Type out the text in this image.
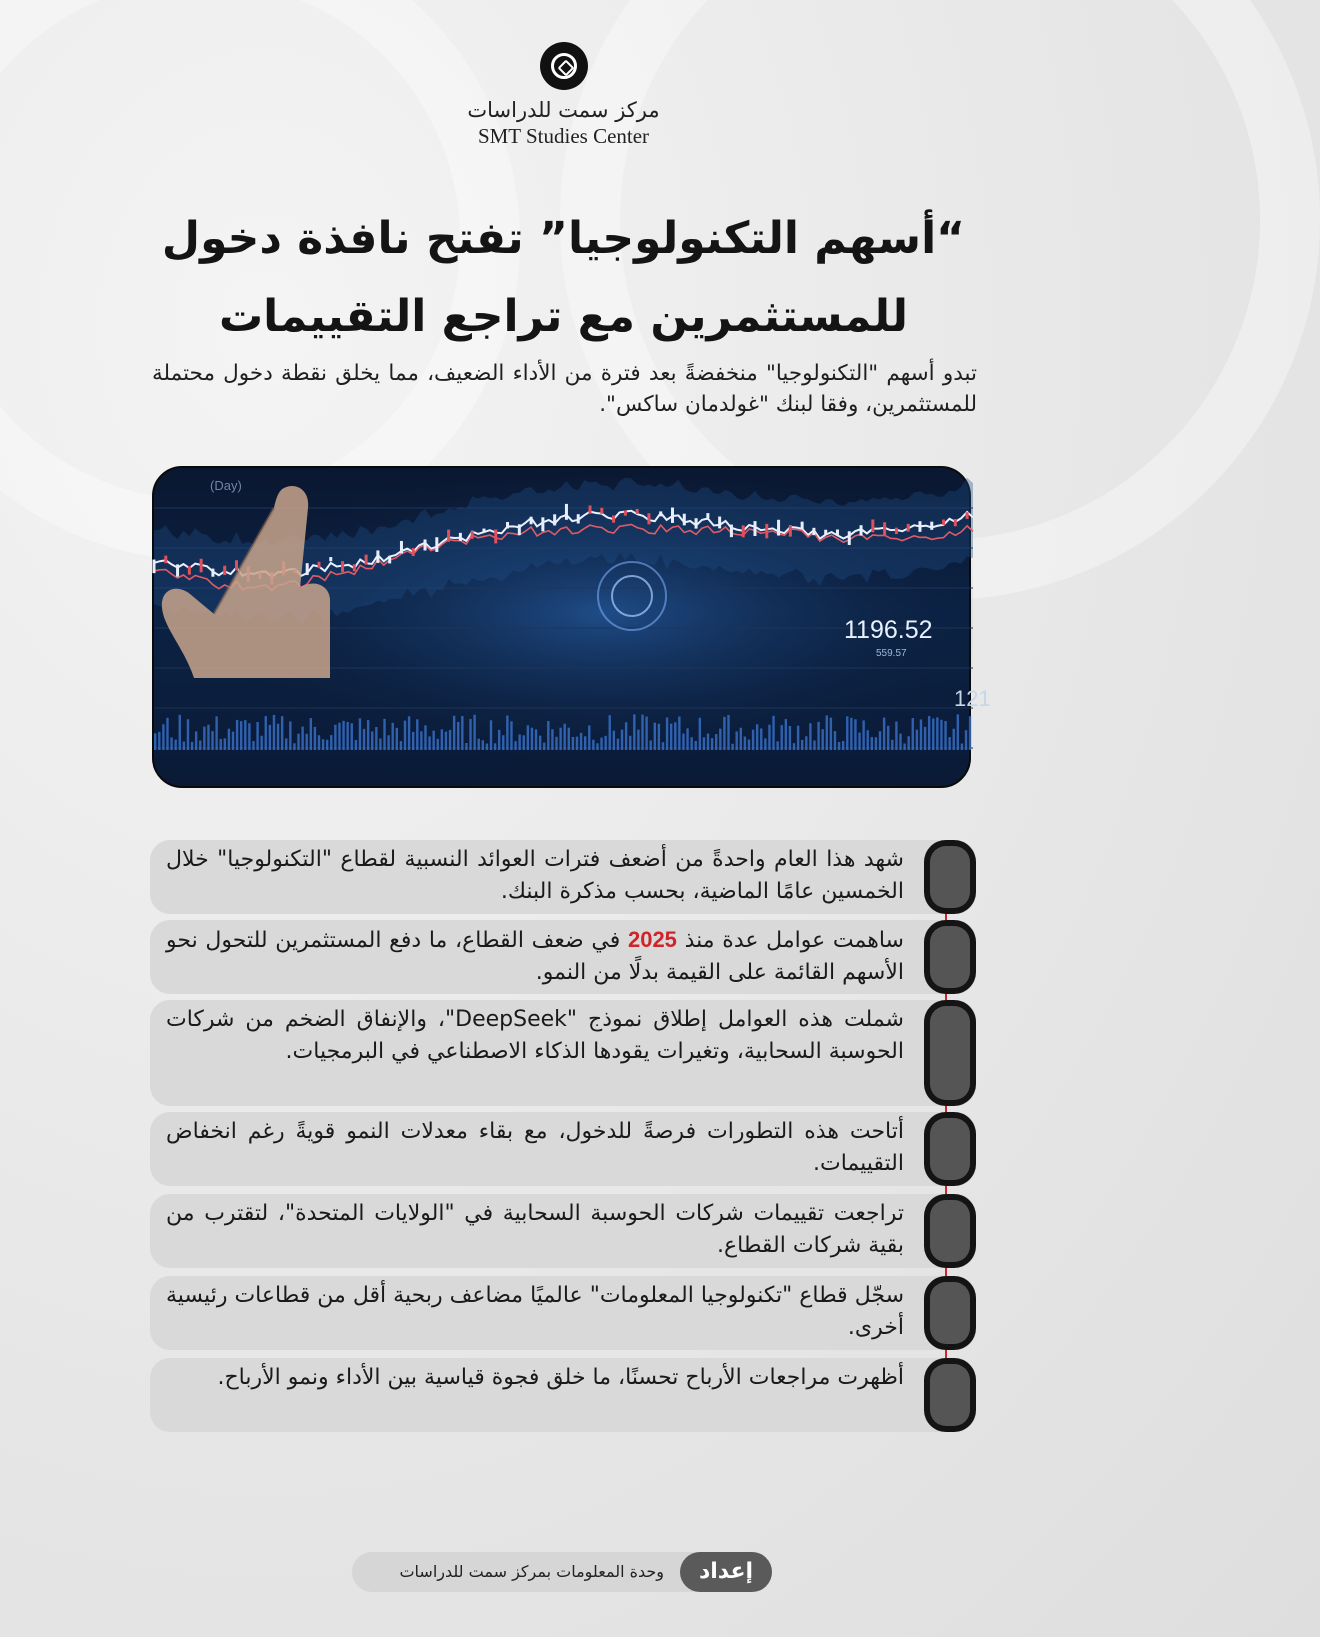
مركز سمت للدراسات
SMT Studies Center
“أسهم التكنولوجيا” تفتح نافذة دخول للمستثمرين مع تراجع التقييمات

تبدو أسهم "التكنولوجيا" منخفضةً بعد فترة من الأداء الضعيف، مما يخلق نقطة دخول محتملة للمستثمرين، وفقا لبنك "غولدمان ساكس".

(Day)
1196.52
559.57
121

شهد هذا العام واحدةً من أضعف فترات العوائد النسبية لقطاع "التكنولوجيا" خلال الخمسين عامًا الماضية، بحسب مذكرة البنك.

ساهمت عوامل عدة منذ 2025 في ضعف القطاع، ما دفع المستثمرين للتحول نحو الأسهم القائمة على القيمة بدلًا من النمو.

شملت هذه العوامل إطلاق نموذج "DeepSeek"، والإنفاق الضخم من شركات الحوسبة السحابية، وتغيرات يقودها الذكاء الاصطناعي في البرمجيات.

أتاحت هذه التطورات فرصةً للدخول، مع بقاء معدلات النمو قويةً رغم انخفاض التقييمات.

تراجعت تقييمات شركات الحوسبة السحابية في "الولايات المتحدة"، لتقترب من بقية شركات القطاع.

سجّل قطاع "تكنولوجيا المعلومات" عالميًا مضاعف ربحية أقل من قطاعات رئيسية أخرى.

أظهرت مراجعات الأرباح تحسنًا، ما خلق فجوة قياسية بين الأداء ونمو الأرباح.

إعداد
وحدة المعلومات بمركز سمت للدراسات
